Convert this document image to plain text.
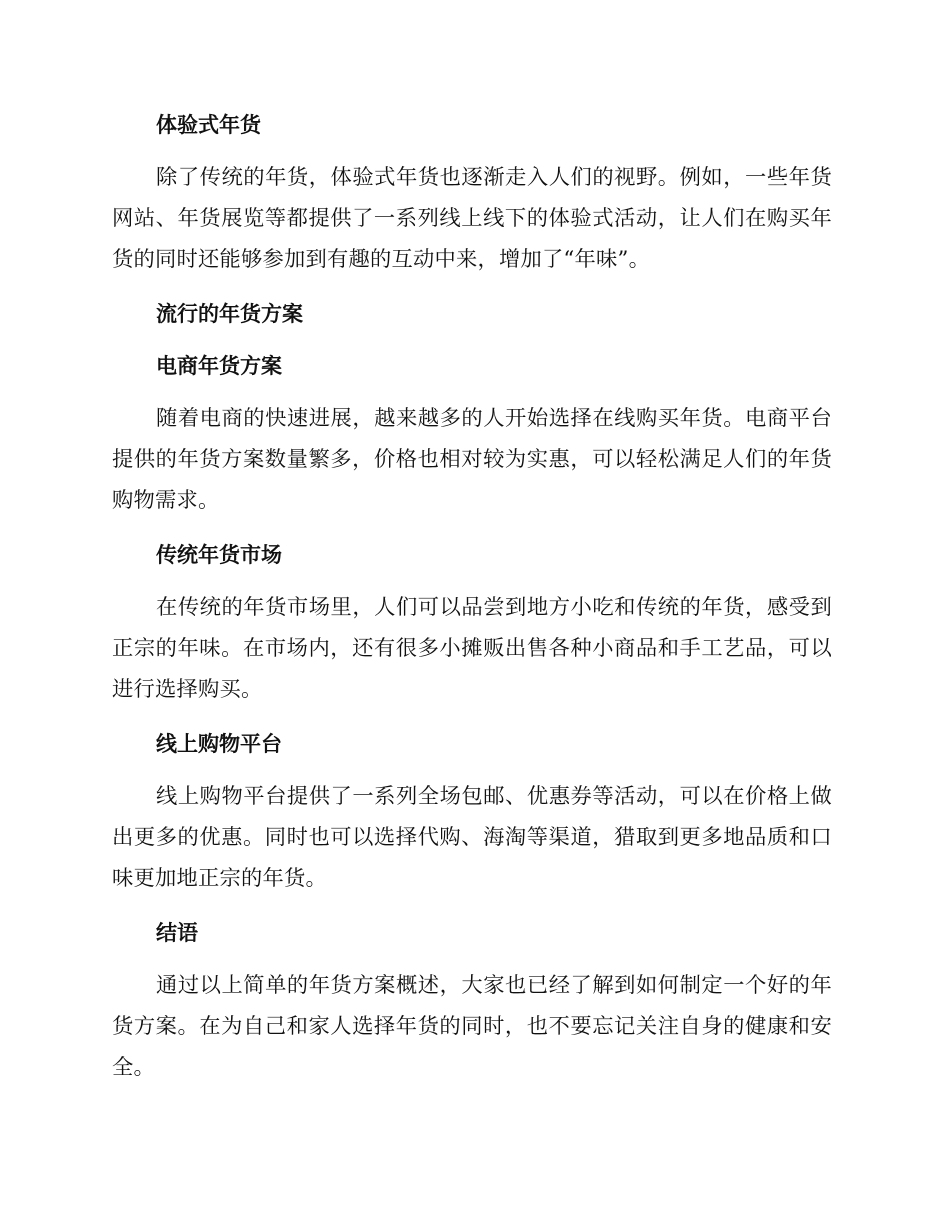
体验式年货

除了传统的年货，体验式年货也逐渐走入人们的视野。例如，一些年货网站、年货展览等都提供了一系列线上线下的体验式活动，让人们在购买年货的同时还能够参加到有趣的互动中来，增加了“年味”。

流行的年货方案
电商年货方案

随着电商的快速进展，越来越多的人开始选择在线购买年货。电商平台提供的年货方案数量繁多，价格也相对较为实惠，可以轻松满足人们的年货购物需求。

传统年货市场

在传统的年货市场里，人们可以品尝到地方小吃和传统的年货，感受到正宗的年味。在市场内，还有很多小摊贩出售各种小商品和手工艺品，可以进行选择购买。

线上购物平台

线上购物平台提供了一系列全场包邮、优惠券等活动，可以在价格上做出更多的优惠。同时也可以选择代购、海淘等渠道，猎取到更多地品质和口味更加地正宗的年货。

结语

通过以上简单的年货方案概述，大家也已经了解到如何制定一个好的年货方案。在为自己和家人选择年货的同时，也不要忘记关注自身的健康和安全。
